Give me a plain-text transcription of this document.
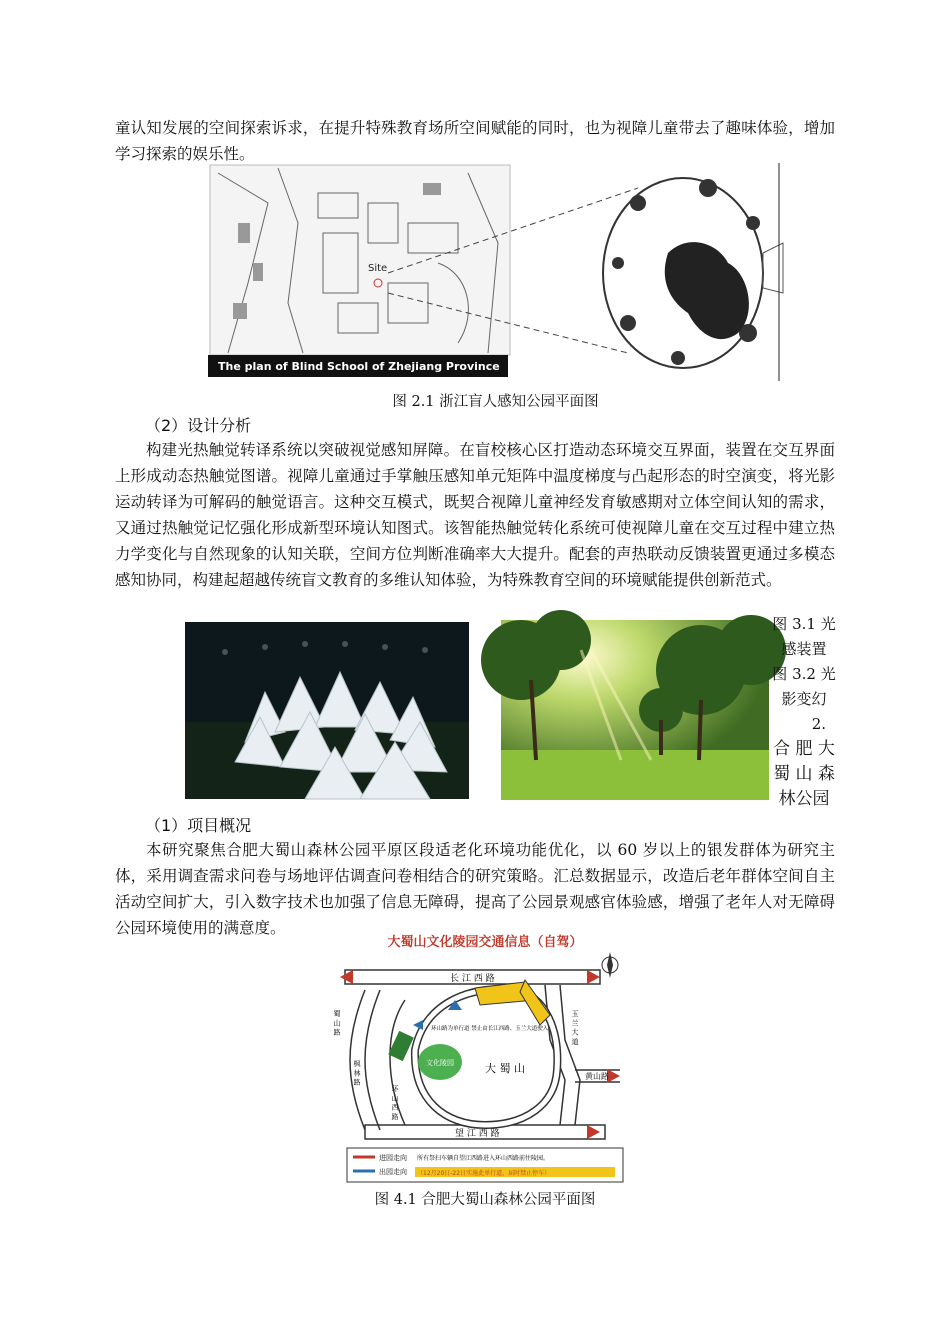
童认知发展的空间探索诉求，在提升特殊教育场所空间赋能的同时，也为视障儿童带去了趣味体验，增加学习探索的娱乐性。

Site
The plan of Blind School of Zhejiang Province

图 2.1 浙江盲人感知公园平面图

（2）设计分析

构建光热触觉转译系统以突破视觉感知屏障。在盲校核心区打造动态环境交互界面，装置在交互界面上形成动态热触觉图谱。视障儿童通过手掌触压感知单元矩阵中温度梯度与凸起形态的时空演变，将光影运动转译为可解码的触觉语言。这种交互模式，既契合视障儿童神经发育敏感期对立体空间认知的需求，又通过热触觉记忆强化形成新型环境认知图式。该智能热触觉转化系统可使视障儿童在交互过程中建立热力学变化与自然现象的认知关联，空间方位判断准确率大大提升。配套的声热联动反馈装置更通过多模态感知协同，构建起超越传统盲文教育的多维认知体验，为特殊教育空间的环境赋能提供创新范式。

图 3.1 光
感装置
图 3.2 光
影变幻
2.
合 肥 大
蜀 山 森
林公园

（1）项目概况

本研究聚焦合肥大蜀山森林公园平原区段适老化环境功能优化，以 60 岁以上的银发群体为研究主体，采用调查需求问卷与场地评估调查问卷相结合的研究策略。汇总数据显示，改造后老年群体空间自主活动空间扩大，引入数字技术也加强了信息无障碍，提高了公园景观感官体验感，增强了老年人对无障碍公园环境使用的满意度。

大蜀山文化陵园交通信息（自驾）
文化陵园
长 江 西 路
望 江 西 路
黄山路
大 蜀 山
环山路为单行道 禁止由长江西路、玉兰大道驶入
蜀 山 路
枫 林 路
环 山 西 路
玉 兰 大 道
进园走向
出园走向
所有祭扫车辆自望江西路进入环山西路前往陵园。
（12月20日-22日实施此单行道，届时禁止停车）

图 4.1 合肥大蜀山森林公园平面图
